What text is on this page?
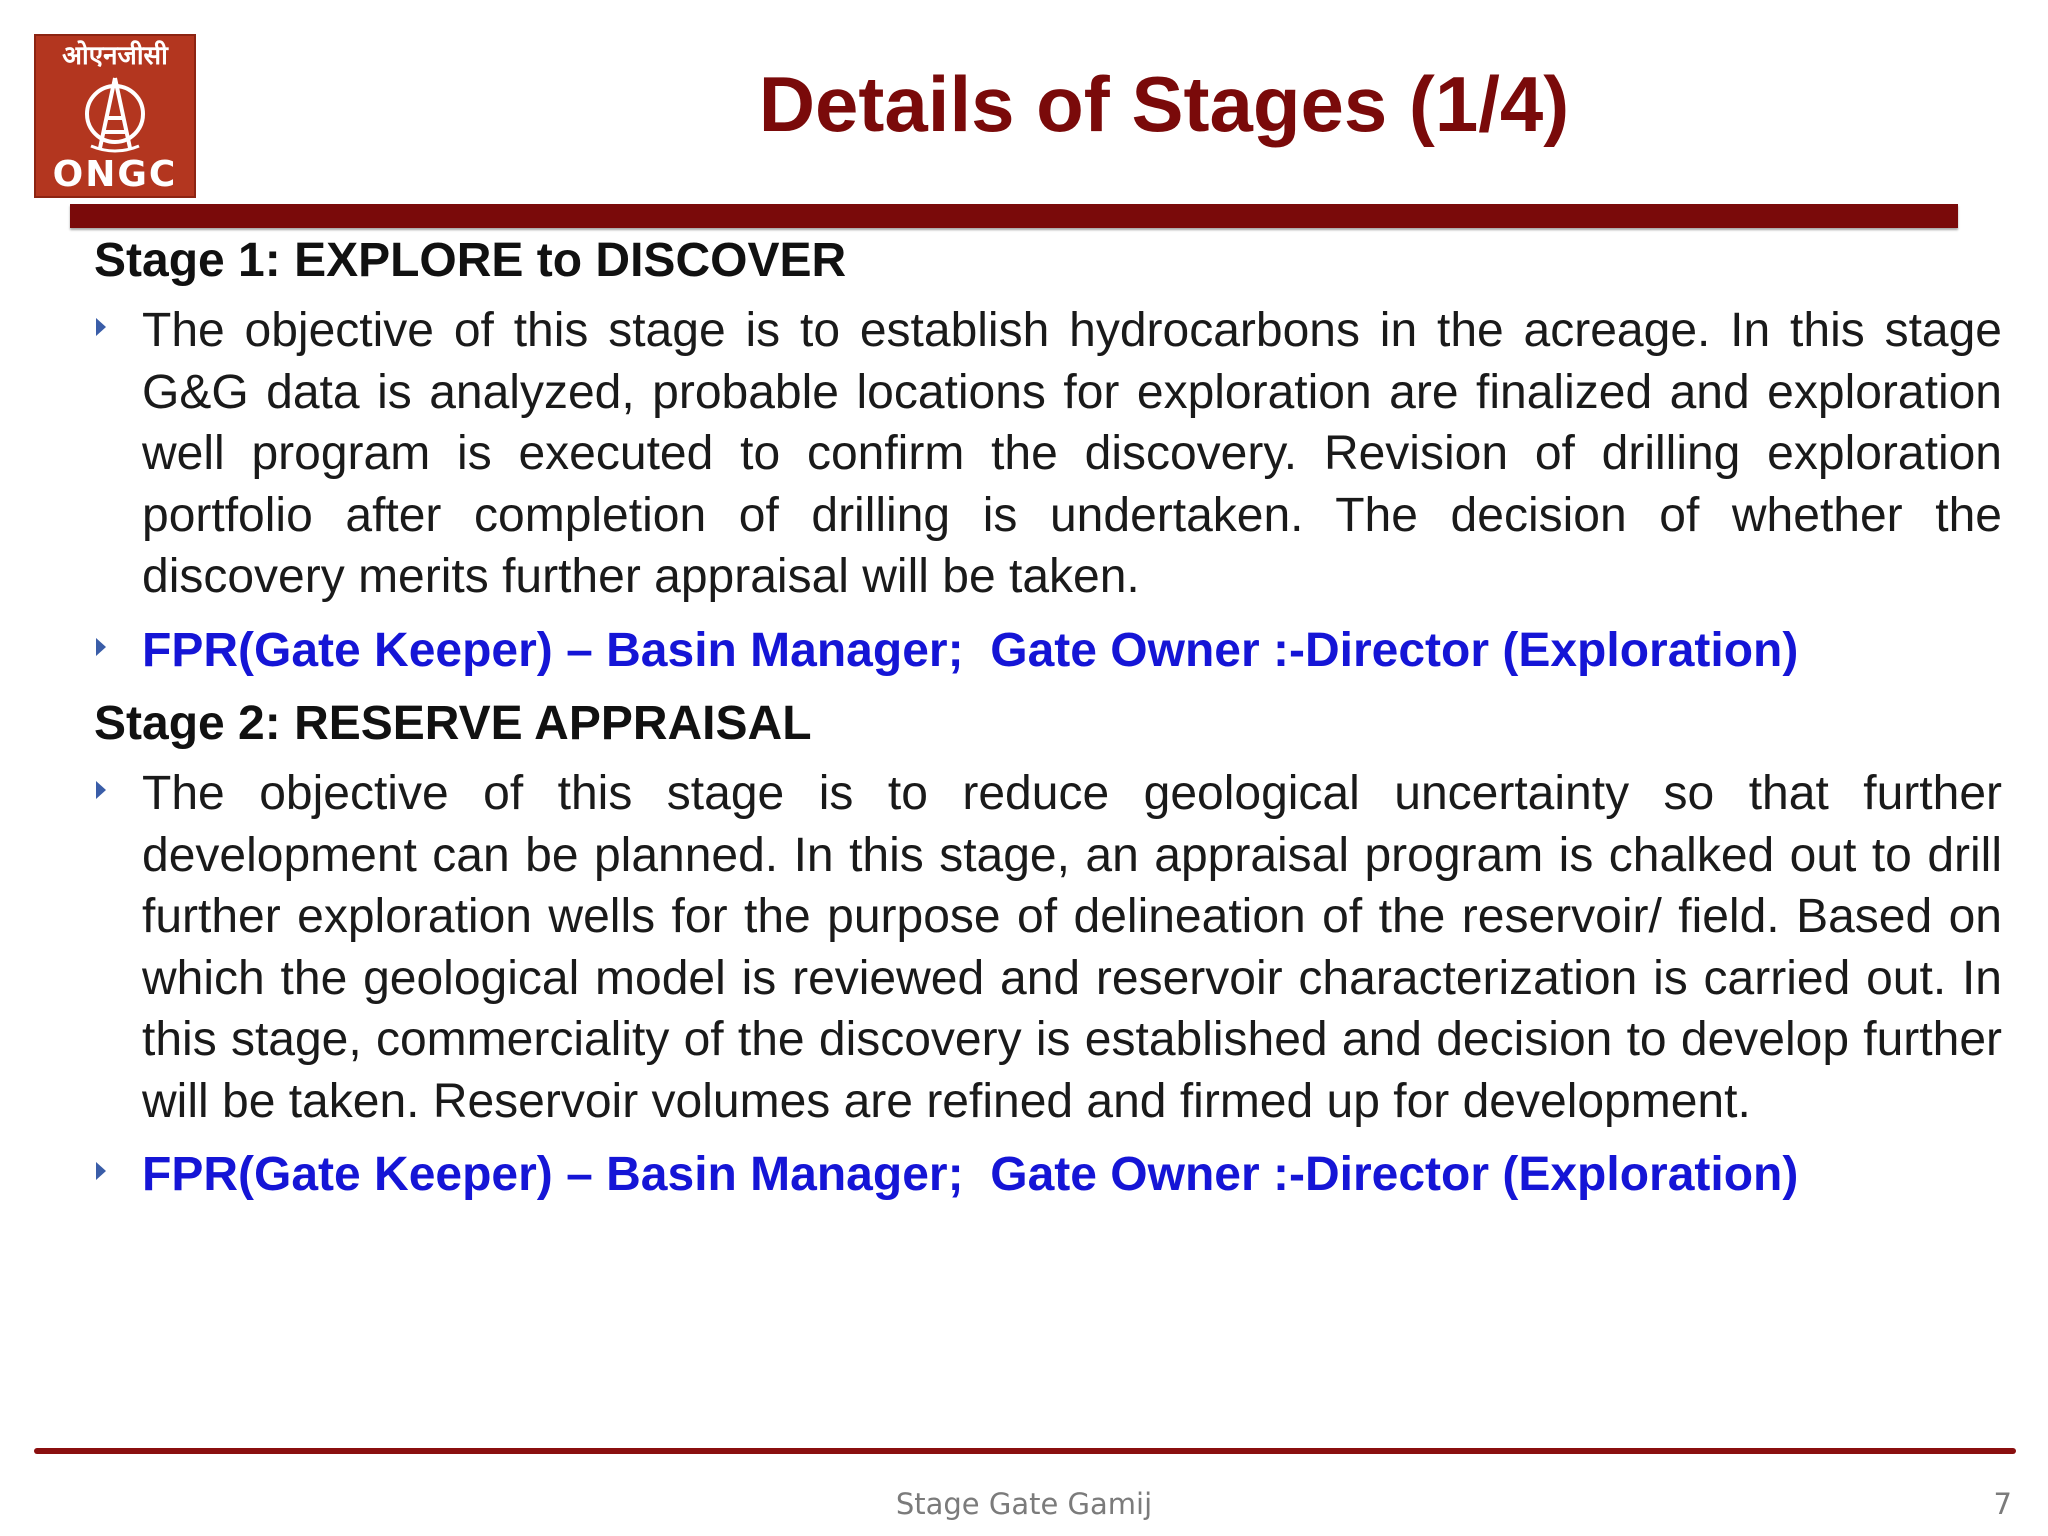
ओएनजीसी
ONGC
Details of Stages (1/4)
Stage 1: EXPLORE to DISCOVER
The objective of this stage is to establish hydrocarbons in the acreage. In this stage G&G data is analyzed, probable locations for exploration are finalized and exploration well program is executed to confirm the discovery. Revision of drilling exploration portfolio after completion of drilling is undertaken. The decision of whether the discovery merits further appraisal will be taken.
FPR(Gate Keeper) – Basin Manager;  Gate Owner :-Director (Exploration)
Stage 2: RESERVE APPRAISAL
The objective of this stage is to reduce geological uncertainty so that further development can be planned. In this stage, an appraisal program is chalked out to drill further exploration wells for the purpose of delineation of the reservoir/ field. Based on which the geological model is reviewed and reservoir characterization is carried out. In this stage, commerciality of the discovery is established and decision to develop further will be taken. Reservoir volumes are refined and firmed up for development.
FPR(Gate Keeper) – Basin Manager;  Gate Owner :-Director (Exploration)
Stage Gate Gamij	7
